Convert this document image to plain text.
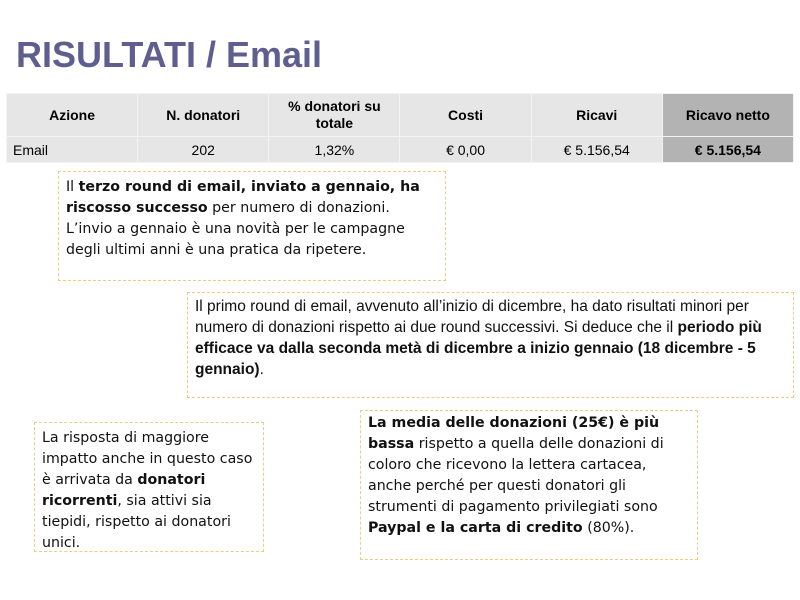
RISULTATI / Email
Azione	N. donatori	% donatori su totale	Costi	Ricavi	Ricavo netto
Email	202	1,32%	€ 0,00	€ 5.156,54	€ 5.156,54
Il terzo round di email, inviato a gennaio, ha riscosso successo per numero di donazioni. L’invio a gennaio è una novità per le campagne degli ultimi anni è una pratica da ripetere.
Il primo round di email, avvenuto all’inizio di dicembre, ha dato risultati minori per numero di donazioni rispetto ai due round successivi. Si deduce che il periodo più efficace va dalla seconda metà di dicembre a inizio gennaio (18 dicembre - 5 gennaio).
La risposta di maggiore impatto anche in questo caso è arrivata da donatori ricorrenti, sia attivi sia tiepidi, rispetto ai donatori unici.
La media delle donazioni (25€) è più bassa rispetto a quella delle donazioni di coloro che ricevono la lettera cartacea, anche perché per questi donatori gli strumenti di pagamento privilegiati sono Paypal e la carta di credito (80%).
